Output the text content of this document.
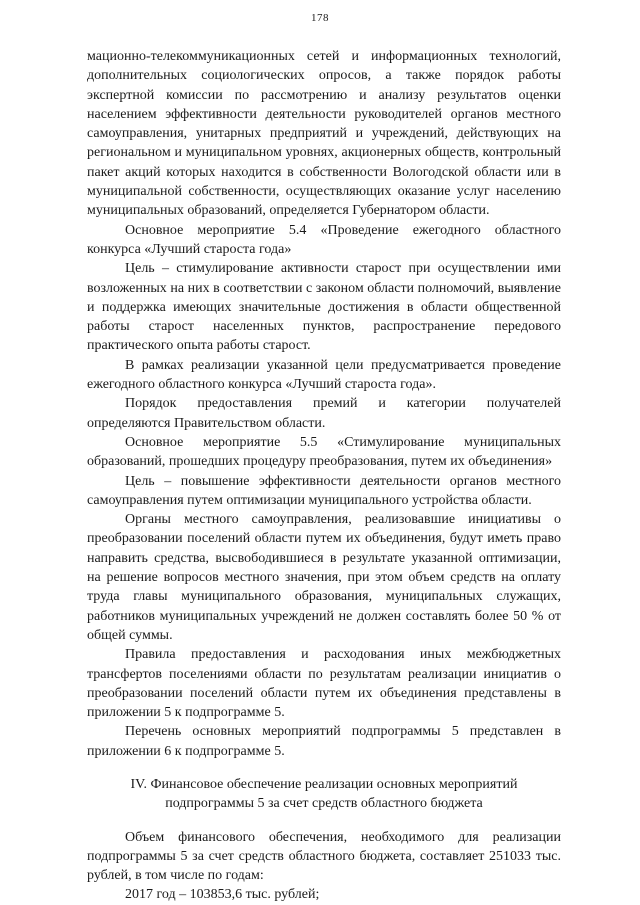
178

мационно-телекоммуникационных сетей и информационных технологий, дополнительных социологических опросов, а также порядок работы экспертной комиссии по рассмотрению и анализу результатов оценки населением эффективности деятельности руководителей органов местного самоуправления, унитарных предприятий и учреждений, действующих на региональном и муниципальном уровнях, акционерных обществ, контрольный пакет акций которых находится в собственности Вологодской области или в муниципальной собственности, осуществляющих оказание услуг населению муниципальных образований, определяется Губернатором области.

Основное мероприятие 5.4 «Проведение ежегодного областного конкурса «Лучший староста года»

Цель – стимулирование активности старост при осуществлении ими возложенных на них в соответствии с законом области полномочий, выявление и поддержка имеющих значительные достижения в области общественной работы старост населенных пунктов, распространение передового практического опыта работы старост.

В рамках реализации указанной цели предусматривается проведение ежегодного областного конкурса «Лучший староста года».

Порядок предоставления премий и категории получателей определяются Правительством области.

Основное мероприятие 5.5 «Стимулирование муниципальных образований, прошедших процедуру преобразования, путем их объединения»

Цель – повышение эффективности деятельности органов местного самоуправления путем оптимизации муниципального устройства области.

Органы местного самоуправления, реализовавшие инициативы о преобразовании поселений области путем их объединения, будут иметь право направить средства, высвободившиеся в результате указанной оптимизации, на решение вопросов местного значения, при этом объем средств на оплату труда главы муниципального образования, муниципальных служащих, работников муниципальных учреждений не должен составлять более 50 % от общей суммы.

Правила предоставления и расходования иных межбюджетных трансфертов поселениями области по результатам реализации инициатив о преобразовании поселений области путем их объединения представлены в приложении 5 к подпрограмме 5.

Перечень основных мероприятий подпрограммы 5 представлен в приложении 6 к подпрограмме 5.

IV. Финансовое обеспечение реализации основных мероприятий
подпрограммы 5 за счет средств областного бюджета

Объем финансового обеспечения, необходимого для реализации подпрограммы 5 за счет средств областного бюджета, составляет 251033 тыс. рублей, в том числе по годам:

2017 год – 103853,6 тыс. рублей;
